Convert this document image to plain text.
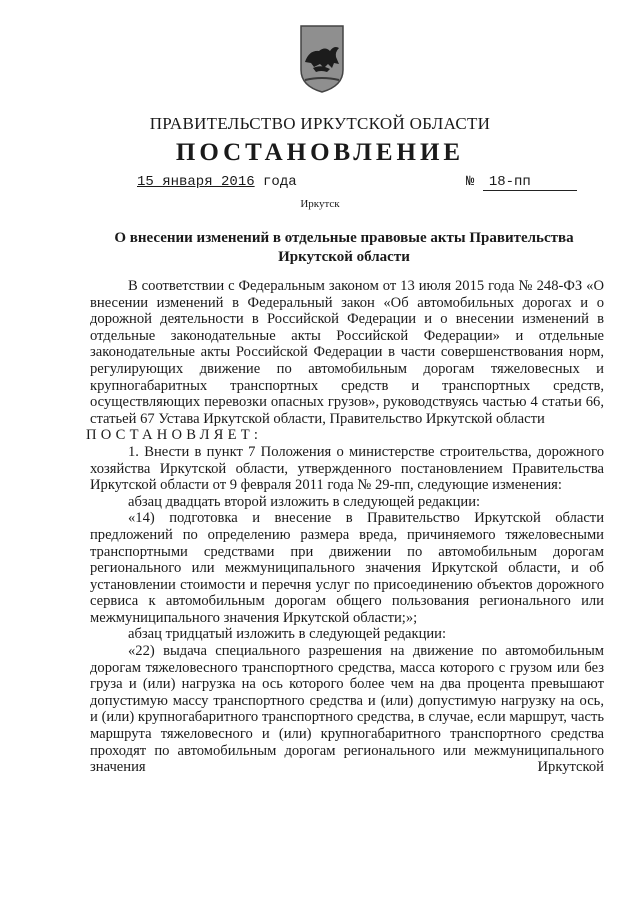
ПРАВИТЕЛЬСТВО ИРКУТСКОЙ ОБЛАСТИ
ПОСТАНОВЛЕНИЕ
15 января 2016 года	№ 18-пп
Иркутск
О внесении изменений в отдельные правовые акты Правительства Иркутской области

В соответствии с Федеральным законом от 13 июля 2015 года № 248-ФЗ «О внесении изменений в Федеральный закон «Об автомобильных дорогах и о дорожной деятельности в Российской Федерации и о внесении изменений в отдельные законодательные акты Российской Федерации» и отдельные законодательные акты Российской Федерации в части совершенствования норм, регулирующих движение по автомобильным дорогам тяжеловесных и крупногабаритных транспортных средств и транспортных средств, осуществляющих перевозки опасных грузов», руководствуясь частью 4 статьи 66, статьей 67 Устава Иркутской области, Правительство Иркутской области

ПОСТАНОВЛЯЕТ:

1. Внести в пункт 7 Положения о министерстве строительства, дорожного хозяйства Иркутской области, утвержденного постановлением Правительства Иркутской области от 9 февраля 2011 года № 29-пп, следующие изменения:

абзац двадцать второй изложить в следующей редакции:

«14) подготовка и внесение в Правительство Иркутской области предложений по определению размера вреда, причиняемого тяжеловесными транспортными средствами при движении по автомобильным дорогам регионального или межмуниципального значения Иркутской области, и об установлении стоимости и перечня услуг по присоединению объектов дорожного сервиса к автомобильным дорогам общего пользования регионального или межмуниципального значения Иркутской области;»;

абзац тридцатый изложить в следующей редакции:

«22) выдача специального разрешения на движение по автомобильным дорогам тяжеловесного транспортного средства, масса которого с грузом или без груза и (или) нагрузка на ось которого более чем на два процента превышают допустимую массу транспортного средства и (или) допустимую нагрузку на ось, и (или) крупногабаритного транспортного средства, в случае, если маршрут, часть маршрута тяжеловесного и (или) крупногабаритного транспортного средства проходят по автомобильным дорогам регионального или межмуниципального значения Иркутской
